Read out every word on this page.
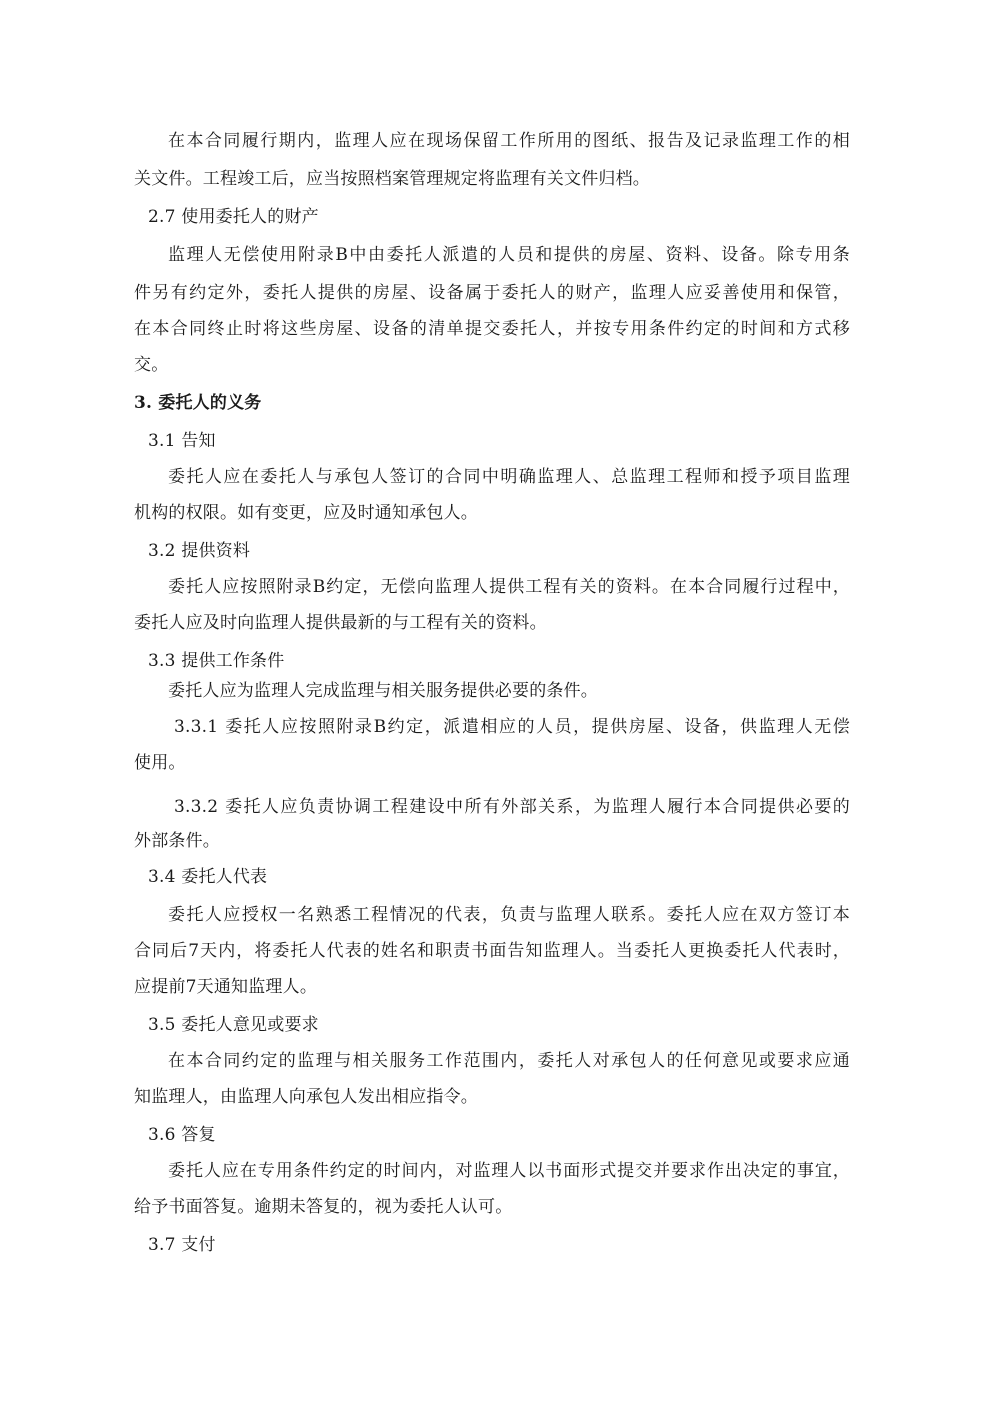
在本合同履行期内，监理人应在现场保留工作所用的图纸、报告及记录监理工作的相
关文件。工程竣工后，应当按照档案管理规定将监理有关文件归档。
2.7 使用委托人的财产
监理人无偿使用附录B中由委托人派遣的人员和提供的房屋、资料、设备。除专用条
件另有约定外，委托人提供的房屋、设备属于委托人的财产，监理人应妥善使用和保管，
在本合同终止时将这些房屋、设备的清单提交委托人，并按专用条件约定的时间和方式移
交。
3. 委托人的义务
3.1 告知
委托人应在委托人与承包人签订的合同中明确监理人、总监理工程师和授予项目监理
机构的权限。如有变更，应及时通知承包人。
3.2 提供资料
委托人应按照附录B约定，无偿向监理人提供工程有关的资料。在本合同履行过程中，
委托人应及时向监理人提供最新的与工程有关的资料。
3.3 提供工作条件
委托人应为监理人完成监理与相关服务提供必要的条件。
3.3.1 委托人应按照附录B约定，派遣相应的人员，提供房屋、设备，供监理人无偿
使用。
3.3.2 委托人应负责协调工程建设中所有外部关系，为监理人履行本合同提供必要的
外部条件。
3.4 委托人代表
委托人应授权一名熟悉工程情况的代表，负责与监理人联系。委托人应在双方签订本
合同后7天内，将委托人代表的姓名和职责书面告知监理人。当委托人更换委托人代表时，
应提前7天通知监理人。
3.5 委托人意见或要求
在本合同约定的监理与相关服务工作范围内，委托人对承包人的任何意见或要求应通
知监理人，由监理人向承包人发出相应指令。
3.6 答复
委托人应在专用条件约定的时间内，对监理人以书面形式提交并要求作出决定的事宜，
给予书面答复。逾期未答复的，视为委托人认可。
3.7 支付
